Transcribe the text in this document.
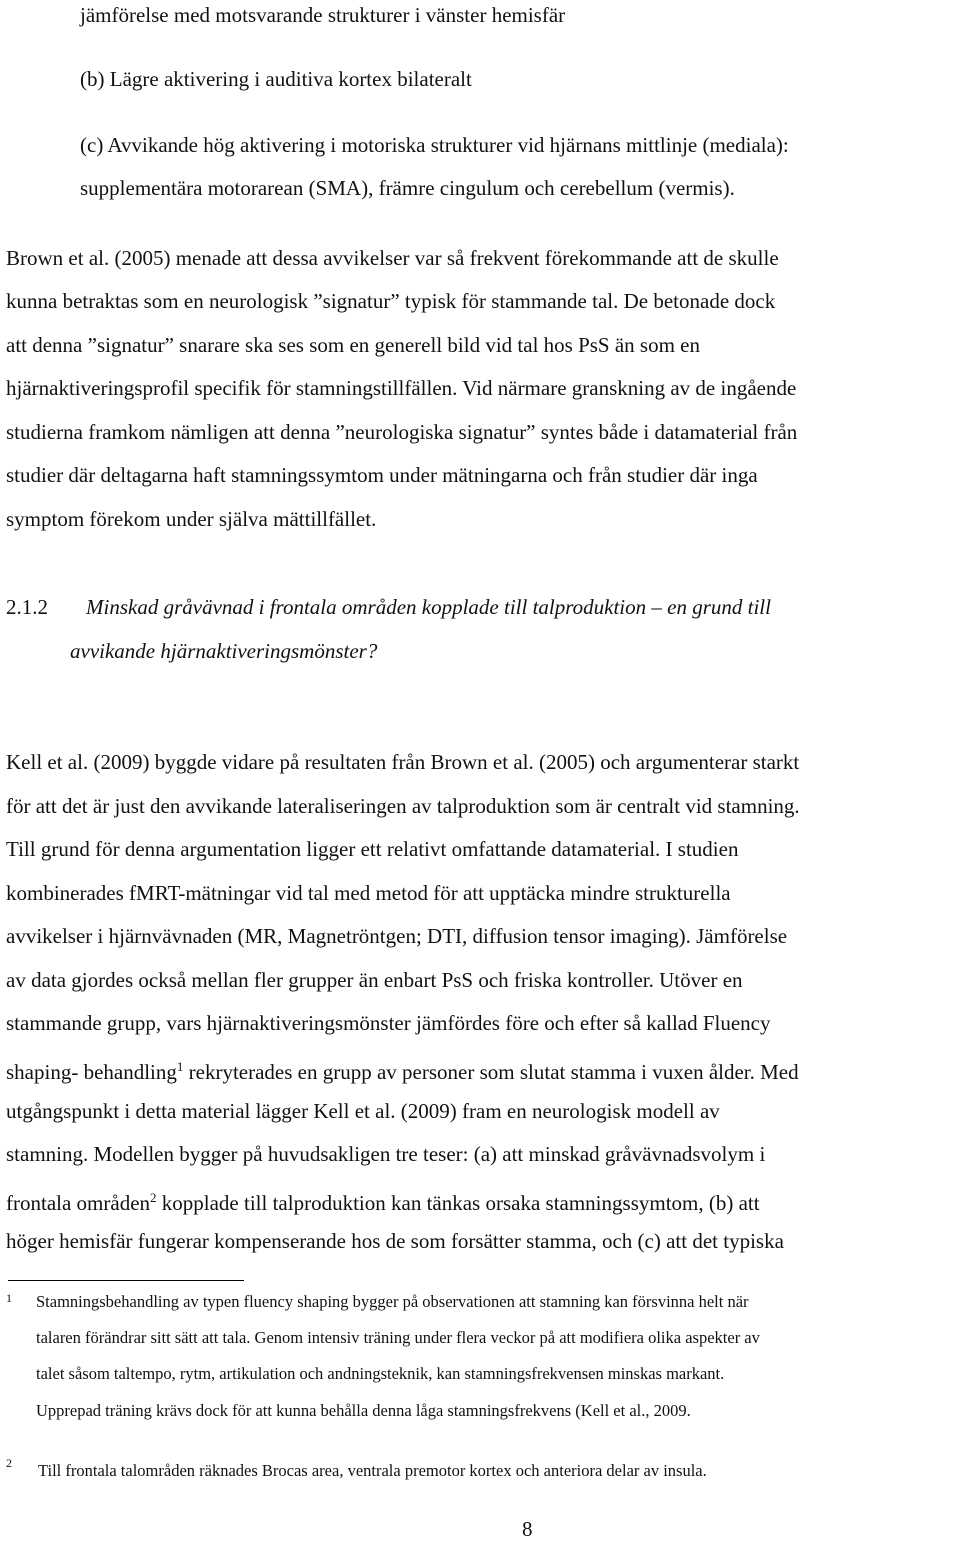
jämförelse med motsvarande strukturer i vänster hemisfär
(b) Lägre aktivering i auditiva kortex bilateralt
(c) Avvikande hög aktivering i motoriska strukturer vid hjärnans mittlinje (mediala):
supplementära motorarean (SMA), främre cingulum och cerebellum (vermis).
Brown et al. (2005) menade att dessa avvikelser var så frekvent förekommande att de skulle
kunna betraktas som en neurologisk ”signatur” typisk för stammande tal. De betonade dock
att denna ”signatur” snarare ska ses som en generell bild vid tal hos PsS än som en
hjärnaktiveringsprofil specifik för stamningstillfällen. Vid närmare granskning av de ingående
studierna framkom nämligen att denna ”neurologiska signatur” syntes både i datamaterial från
studier där deltagarna haft stamningssymtom under mätningarna och från studier där inga
symptom förekom under själva mättillfället.
2.1.2 Minskad gråvävnad i frontala områden kopplade till talproduktion – en grund till
avvikande hjärnaktiveringsmönster?
Kell et al. (2009) byggde vidare på resultaten från Brown et al. (2005) och argumenterar starkt
för att det är just den avvikande lateraliseringen av talproduktion som är centralt vid stamning.
Till grund för denna argumentation ligger ett relativt omfattande datamaterial. I studien
kombinerades fMRT-mätningar vid tal med metod för att upptäcka mindre strukturella
avvikelser i hjärnvävnaden (MR, Magnetröntgen; DTI, diffusion tensor imaging). Jämförelse
av data gjordes också mellan fler grupper än enbart PsS och friska kontroller. Utöver en
stammande grupp, vars hjärnaktiveringsmönster jämfördes före och efter så kallad Fluency
shaping- behandling$^1$ rekryterades en grupp av personer som slutat stamma i vuxen ålder. Med
utgångspunkt i detta material lägger Kell et al. (2009) fram en neurologisk modell av
stamning. Modellen bygger på huvudsakligen tre teser: (a) att minskad gråvävnadsvolym i
frontala områden$^2$ kopplade till talproduktion kan tänkas orsaka stamningssymtom, (b) att
höger hemisfär fungerar kompenserande hos de som forsätter stamma, och (c) att det typiska
1 Stamningsbehandling av typen fluency shaping bygger på observationen att stamning kan försvinna helt när
talaren förändrar sitt sätt att tala. Genom intensiv träning under flera veckor på att modifiera olika aspekter av
talet såsom taltempo, rytm, artikulation och andningsteknik, kan stamningsfrekvensen minskas markant.
Upprepad träning krävs dock för att kunna behålla denna låga stamningsfrekvens (Kell et al., 2009.
2 Till frontala talområden räknades Brocas area, ventrala premotor kortex och anteriora delar av insula.
8
